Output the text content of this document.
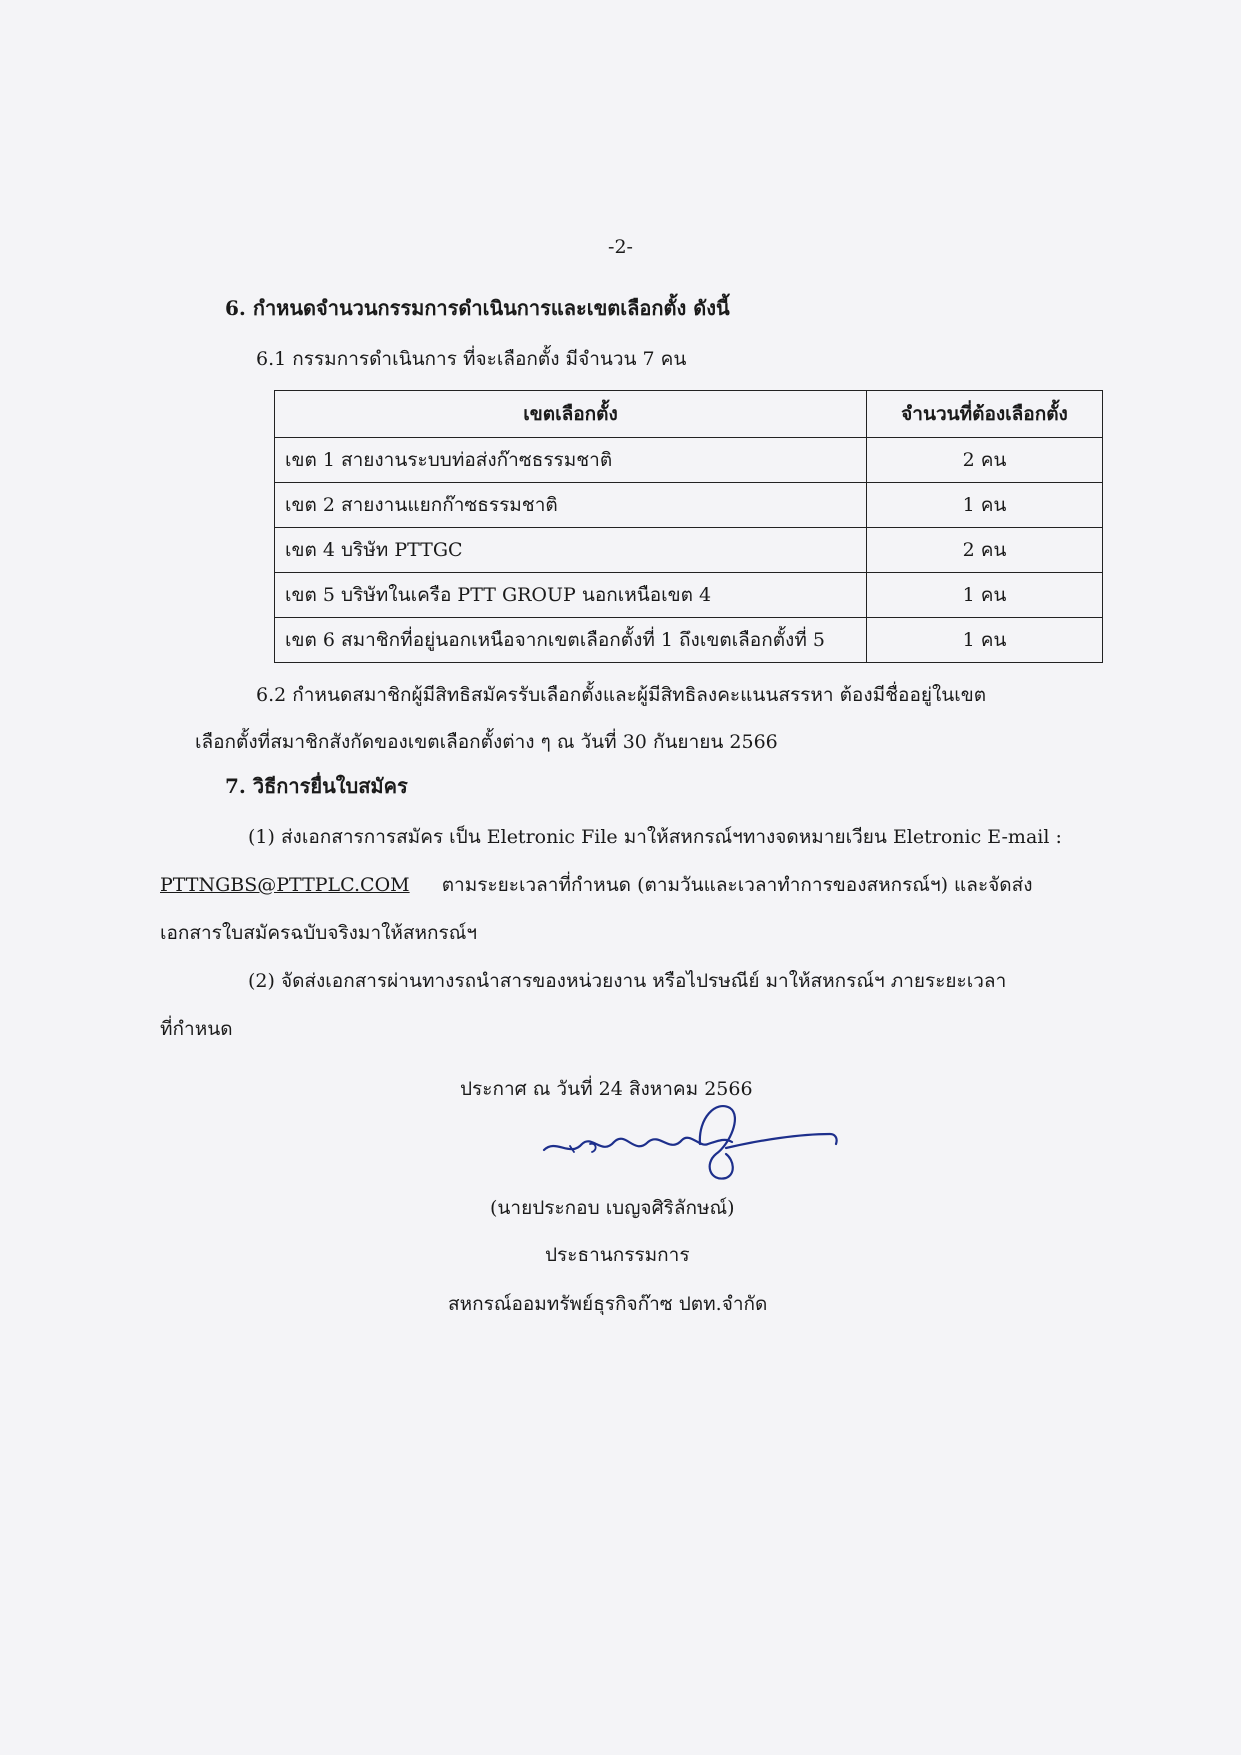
-2-
6. กำหนดจำนวนกรรมการดำเนินการและเขตเลือกตั้ง ดังนี้
6.1 กรรมการดำเนินการ ที่จะเลือกตั้ง มีจำนวน 7 คน
เขตเลือกตั้ง	จำนวนที่ต้องเลือกตั้ง
เขต 1 สายงานระบบท่อส่งก๊าซธรรมชาติ	2 คน
เขต 2 สายงานแยกก๊าซธรรมชาติ	1 คน
เขต 4 บริษัท PTTGC	2 คน
เขต 5 บริษัทในเครือ PTT GROUP นอกเหนือเขต 4	1 คน
เขต 6 สมาชิกที่อยู่นอกเหนือจากเขตเลือกตั้งที่ 1 ถึงเขตเลือกตั้งที่ 5	1 คน
6.2 กำหนดสมาชิกผู้มีสิทธิสมัครรับเลือกตั้งและผู้มีสิทธิลงคะแนนสรรหา ต้องมีชื่ออยู่ในเขต
เลือกตั้งที่สมาชิกสังกัดของเขตเลือกตั้งต่าง ๆ ณ วันที่ 30 กันยายน 2566
7. วิธีการยื่นใบสมัคร
(1) ส่งเอกสารการสมัคร เป็น Eletronic File มาให้สหกรณ์ฯทางจดหมายเวียน Eletronic E-mail :
PTTNGBS@PTTPLC.COM ตามระยะเวลาที่กำหนด (ตามวันและเวลาทำการของสหกรณ์ฯ) และจัดส่ง
เอกสารใบสมัครฉบับจริงมาให้สหกรณ์ฯ
(2) จัดส่งเอกสารผ่านทางรถนำสารของหน่วยงาน หรือไปรษณีย์ มาให้สหกรณ์ฯ ภายระยะเวลา
ที่กำหนด
ประกาศ ณ วันที่ 24 สิงหาคม 2566
(นายประกอบ เบญจศิริลักษณ์)
ประธานกรรมการ
สหกรณ์ออมทรัพย์ธุรกิจก๊าซ ปตท.จำกัด
